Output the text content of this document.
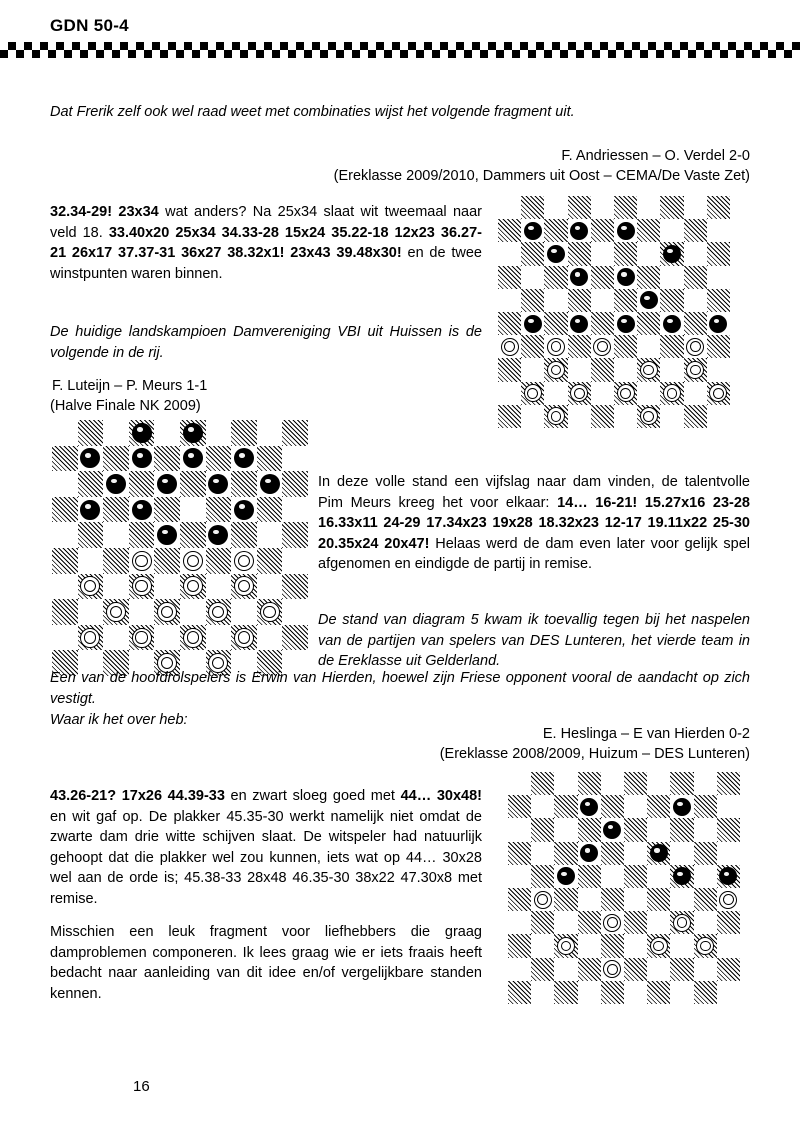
GDN 50-4
Dat Frerik zelf ook wel raad weet met combinaties wijst het volgende fragment uit.
F. Andriessen – O. Verdel 2-0
(Ereklasse 2009/2010, Dammers uit Oost – CEMA/De Vaste Zet)
32.34-29! 23x34 wat anders? Na 25x34 slaat wit tweemaal naar veld 18. 33.40x20 25x34 34.33-28 15x24 35.22-18 12x23 36.27-21 26x17 37.37-31 36x27 38.32x1! 23x43 39.48x30! en de twee winstpunten waren binnen.
De huidige landskampioen Damvereniging VBI uit Huissen is de volgende in de rij.
F. Luteijn – P. Meurs 1-1
(Halve Finale NK 2009)
In deze volle stand een vijfslag naar dam vinden, de talentvolle Pim Meurs kreeg het voor elkaar: 14… 16-21! 15.27x16 23-28 16.33x11 24-29 17.34x23 19x28 18.32x23 12-17 19.11x22 25-30 20.35x24 20x47! Helaas werd de dam even later voor gelijk spel afgenomen en eindigde de partij in remise.
De stand van diagram 5 kwam ik toevallig tegen bij het naspelen van de partijen van spelers van DES Lunteren, het vierde team in de Ereklasse uit Gelderland.
Een van de hoofdrolspelers is Erwin van Hierden, hoewel zijn Friese opponent vooral de aandacht op zich vestigt.
Waar ik het over heb:
E. Heslinga – E van Hierden 0-2
(Ereklasse 2008/2009, Huizum – DES Lunteren)
43.26-21? 17x26 44.39-33 en zwart sloeg goed met 44… 30x48! en wit gaf op. De plakker 45.35-30 werkt namelijk niet omdat de zwarte dam drie witte schijven slaat. De witspeler had natuurlijk gehoopt dat die plakker wel zou kunnen, iets wat op 44… 30x28 wel aan de orde is; 45.38-33 28x48 46.35-30 38x22 47.30x8 met remise.
Misschien een leuk fragment voor liefhebbers die graag damproblemen componeren. Ik lees graag wie er iets fraais heeft bedacht naar aanleiding van dit idee en/of vergelijkbare standen kennen.
16
